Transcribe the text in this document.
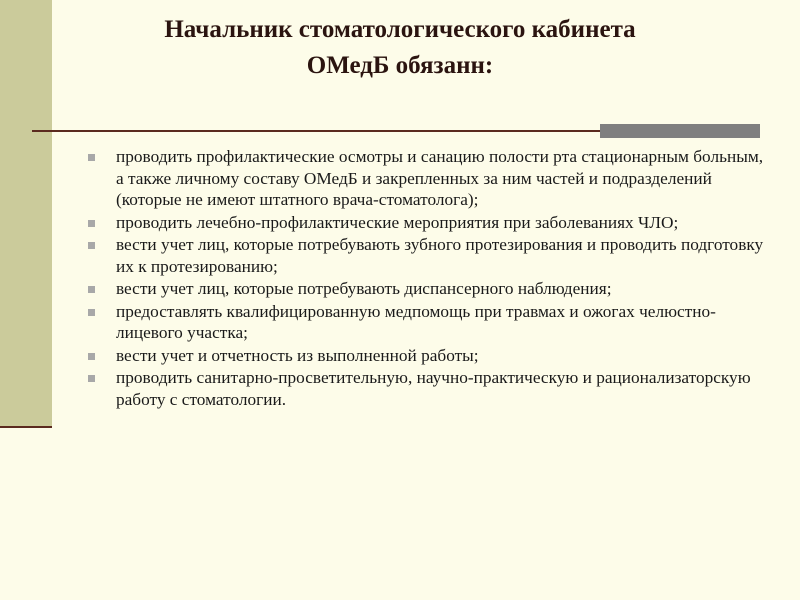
Начальник стоматологического кабинета
ОМедБ обязанн:
проводить профилактические осмотры и санацию полости рта стационарным больным, а также личному составу ОМедБ и закрепленных за ним частей и подразделений (которые не имеют штатного врача-стоматолога);
проводить лечебно-профилактические мероприятия при заболеваниях ЧЛО;
вести учет лиц, которые потребувають зубного протезирования и проводить подготовку их к протезированию;
вести учет лиц, которые потребувають диспансерного наблюдения;
предоставлять квалифицированную медпомощь при травмах и ожогах челюстно-лицевого участка;
вести учет и отчетность из выполненной работы;
проводить санитарно-просветительную, научно-практическую и рационализаторскую работу с стоматологии.
